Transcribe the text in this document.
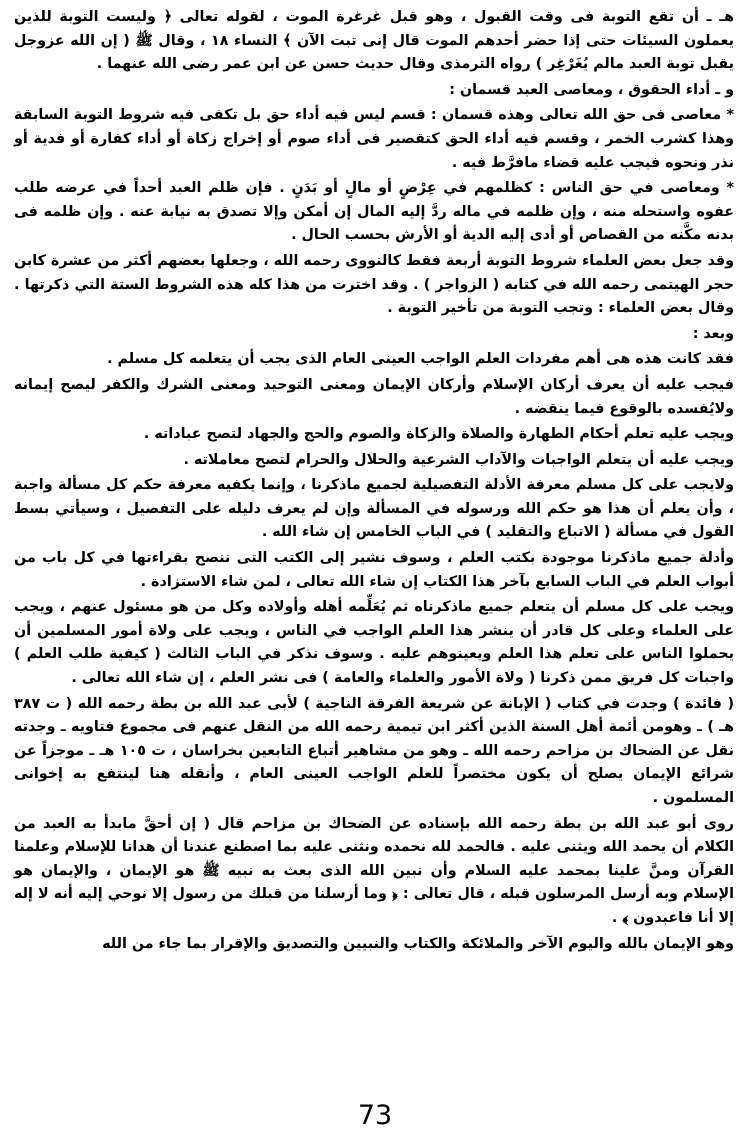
هـ ـ أن تقع التوبة فى وقت القبول ، وهو قبل غرغرة الموت ، لقوله تعالى ﴿ وليست التوبة للذين يعملون السيئات حتى إذا حضر أحدهم الموت قال إنى تبت الآن ﴾ النساء ١٨ ، وقال ﷺ ( إن الله عزوجل يقبل توبة العبد مالم يُغَرْغِر ) رواه الترمذى وقال حديث حسن عن ابن عمر رضى الله عنهما .

و ـ أداء الحقوق ، ومعاصى العبد قسمان :

* معاصى فى حق الله تعالى وهذه قسمان : قسم ليس فيه أداء حق بل تكفى فيه شروط التوبة السابقة وهذا كشرب الخمر ، وقسم فيه أداء الحق كتقصير فى أداء صوم أو إخراج زكاة أو أداء كفارة أو فدية أو نذر ونحوه فيجب عليه قضاء مافرَّط فيه .

* ومعاصى في حق الناس : كظلمهم في عِرْضٍ أو مالٍ أو بَدَنٍ . فإن ظلم العبد أحداً في عرضه طلب عفوه واستحله منه ، وإن ظلمه في ماله ردَّ إليه المال إن أمكن وإلا تصدق به نيابة عنه . وإن ظلمه فى بدنه مكَّنه من القصاص أو أدى إليه الدية أو الأرش بحسب الحال .

وقد جعل بعض العلماء شروط التوبة أربعة فقط كالنووى رحمه الله ، وجعلها بعضهم أكثر من عشرة كابن حجر الهيتمى رحمه الله في كتابه ( الزواجر ) . وقد اخترت من هذا كله هذه الشروط الستة التي ذكرتها . وقال بعض العلماء : وتجب التوبة من تأخير التوبة .

وبعد :

فقد كانت هذه هى أهم مفردات العلم الواجب العينى العام الذى يجب أن يتعلمه كل مسلم .

فيجب عليه أن يعرف أركان الإسلام وأركان الإيمان ومعنى التوحيد ومعنى الشرك والكفر ليصح إيمانه ولايُفسده بالوقوع فيما ينقضه .

ويجب عليه تعلم أحكام الطهارة والصلاة والزكاة والصوم والحج والجهاد لتصح عباداته .

ويجب عليه أن يتعلم الواجبات والآداب الشرعية والحلال والحرام لتصح معاملاته .

ولايجب على كل مسلم معرفة الأدلة التفصيلية لجميع ماذكرنا ، وإنما يكفيه معرفة حكم كل مسألة واجبة ، وأن يعلم أن هذا هو حكم الله ورسوله في المسألة وإن لم يعرف دليله على التفصيل ، وسيأتي بسط القول في مسألة ( الاتباع والتقليد ) في الباب الخامس إن شاء الله .

وأدلة جميع ماذكرنا موجودة بكتب العلم ، وسوف نشير إلى الكتب التى ننصح بقراءتها في كل باب من أبواب العلم في الباب السابع بآخر هذا الكتاب إن شاء الله تعالى ، لمن شاء الاستزادة .

ويجب على كل مسلم أن يتعلم جميع ماذكرناه ثم يُعَلِّمه أهله وأولاده وكل من هو مسئول عنهم ، ويجب على العلماء وعلى كل قادر أن ينشر هذا العلم الواجب في الناس ، ويجب على ولاة أمور المسلمين أن يحملوا الناس على تعلم هذا العلم ويعينوهم عليه . وسوف نذكر في الباب الثالث ( كيفية طلب العلم ) واجبات كل فريق ممن ذكرنا ( ولاة الأمور والعلماء والعامة ) فى نشر العلم ، إن شاء الله تعالى .

( فائدة ) وجدت في كتاب ( الإبانة عن شريعة الفرقة الناجية ) لأبى عبد الله بن بطة رحمه الله ( ت ٣٨٧ هـ ) ـ وهومن أئمة أهل السنة الذين أكثر ابن تيمية رحمه الله من النقل عنهم فى مجموع فتاويه ـ وجدته نقل عن الضحاك بن مزاحم رحمه الله ـ وهو من مشاهير أتباع التابعين بخراسان ، ت ١٠٥ هـ ـ موجزاً عن شرائع الإيمان يصلح أن يكون مختصراً للعلم الواجب العينى العام ، وأنقله هنا لينتفع به إخوانى المسلمون .

روى أبو عبد الله بن بطة رحمه الله بإسناده عن الضحاك بن مزاحم قال ( إن أحقَّ مابدأ به العبد من الكلام أن يحمد الله ويثنى عليه . فالحمد لله نحمده ونثنى عليه بما اصطنع عندنا أن هدانا للإسلام وعلمنا القرآن ومنَّ علينا بمحمد عليه السلام وأن نبين الله الذى بعث به نبيه ﷺ هو الإيمان ، والإيمان هو الإسلام وبه أرسل المرسلون قبله ، قال تعالى : ﴿ وما أرسلنا من قبلك من رسول إلا نوحي إليه أنه لا إله إلا أنا فاعبدون ﴾ .

وهو الإيمان بالله واليوم الآخر والملائكة والكتاب والنبيين والتصديق والإقرار بما جاء من الله

73
